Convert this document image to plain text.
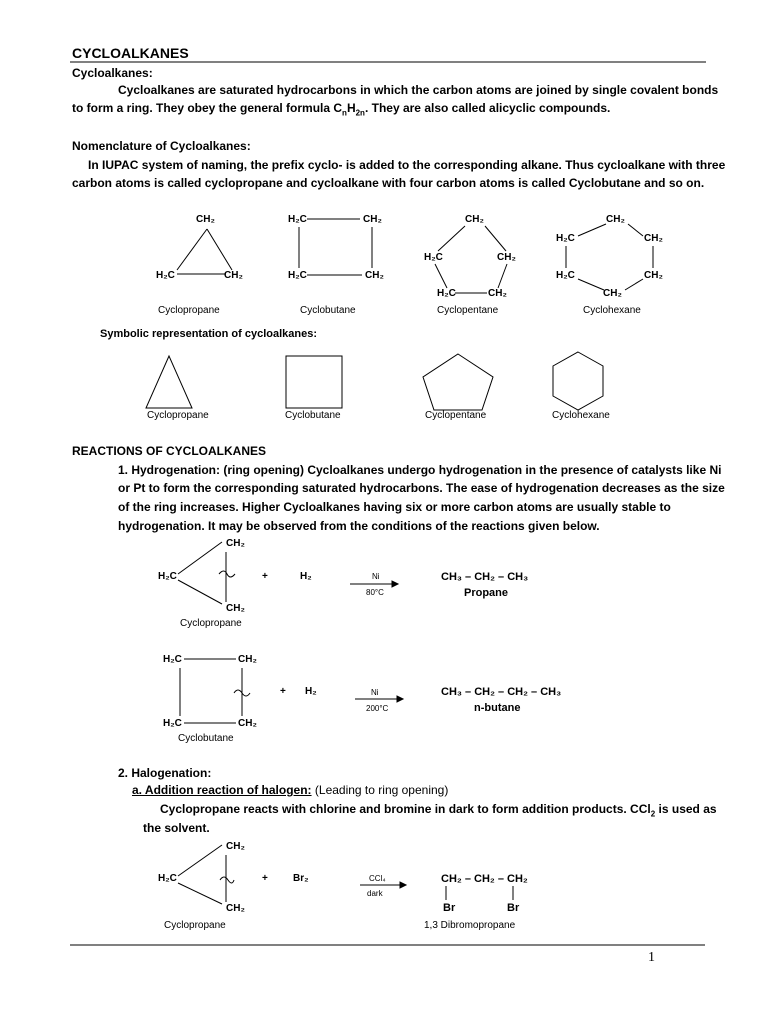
CYCLOALKANES
Cycloalkanes:
Cycloalkanes are saturated hydrocarbons in which the carbon atoms are joined by single covalent bonds
to form a ring. They obey the general formula $C_nH_{2n}$. They are also called alicyclic compounds.
Nomenclature of Cycloalkanes:
In IUPAC system of naming, the prefix cyclo- is added to the corresponding alkane. Thus cycloalkane with three
carbon atoms is called cyclopropane and cycloalkane with four carbon atoms is called Cyclobutane and so on.
CH₂
H₂C	CH₂
Cyclopropane
H₂C	CH₂
H₂C	CH₂
Cyclobutane
CH₂
H₂C	CH₂
H₂C	CH₂
Cyclopentane
CH₂
H₂C	CH₂
H₂C	CH₂
CH₂
Cyclohexane
Symbolic representation of cycloalkanes:
Cyclopropane	Cyclobutane	Cyclopentane	Cyclohexane
REACTIONS OF CYCLOALKANES
1. Hydrogenation: (ring opening) Cycloalkanes undergo hydrogenation in the presence of catalysts like Ni
or Pt to form the corresponding saturated hydrocarbons. The ease of hydrogenation decreases as the size
of the ring increases. Higher Cycloalkanes having six or more carbon atoms are usually stable to
hydrogenation. It may be observed from the conditions of the reactions given below.
CH₂
H₂C
CH₂
+	H₂	Ni
80°C
CH₃ – CH₂ – CH₃
Propane
Cyclopropane
H₂C	CH₂
H₂C	CH₂
+ H₂	Ni
200°C
CH₃ – CH₂ – CH₂ – CH₃
n-butane
Cyclobutane
2. Halogenation:
a. Addition reaction of halogen: (Leading to ring opening)
Cyclopropane reacts with chlorine and bromine in dark to form addition products. CCl$_2$ is used as
the solvent.
CH₂
H₂C
CH₂
+	Br₂	CCl₄
dark
CH₂ – CH₂ – CH₂
Br	Br
1,3 Dibromopropane
Cyclopropane
1
